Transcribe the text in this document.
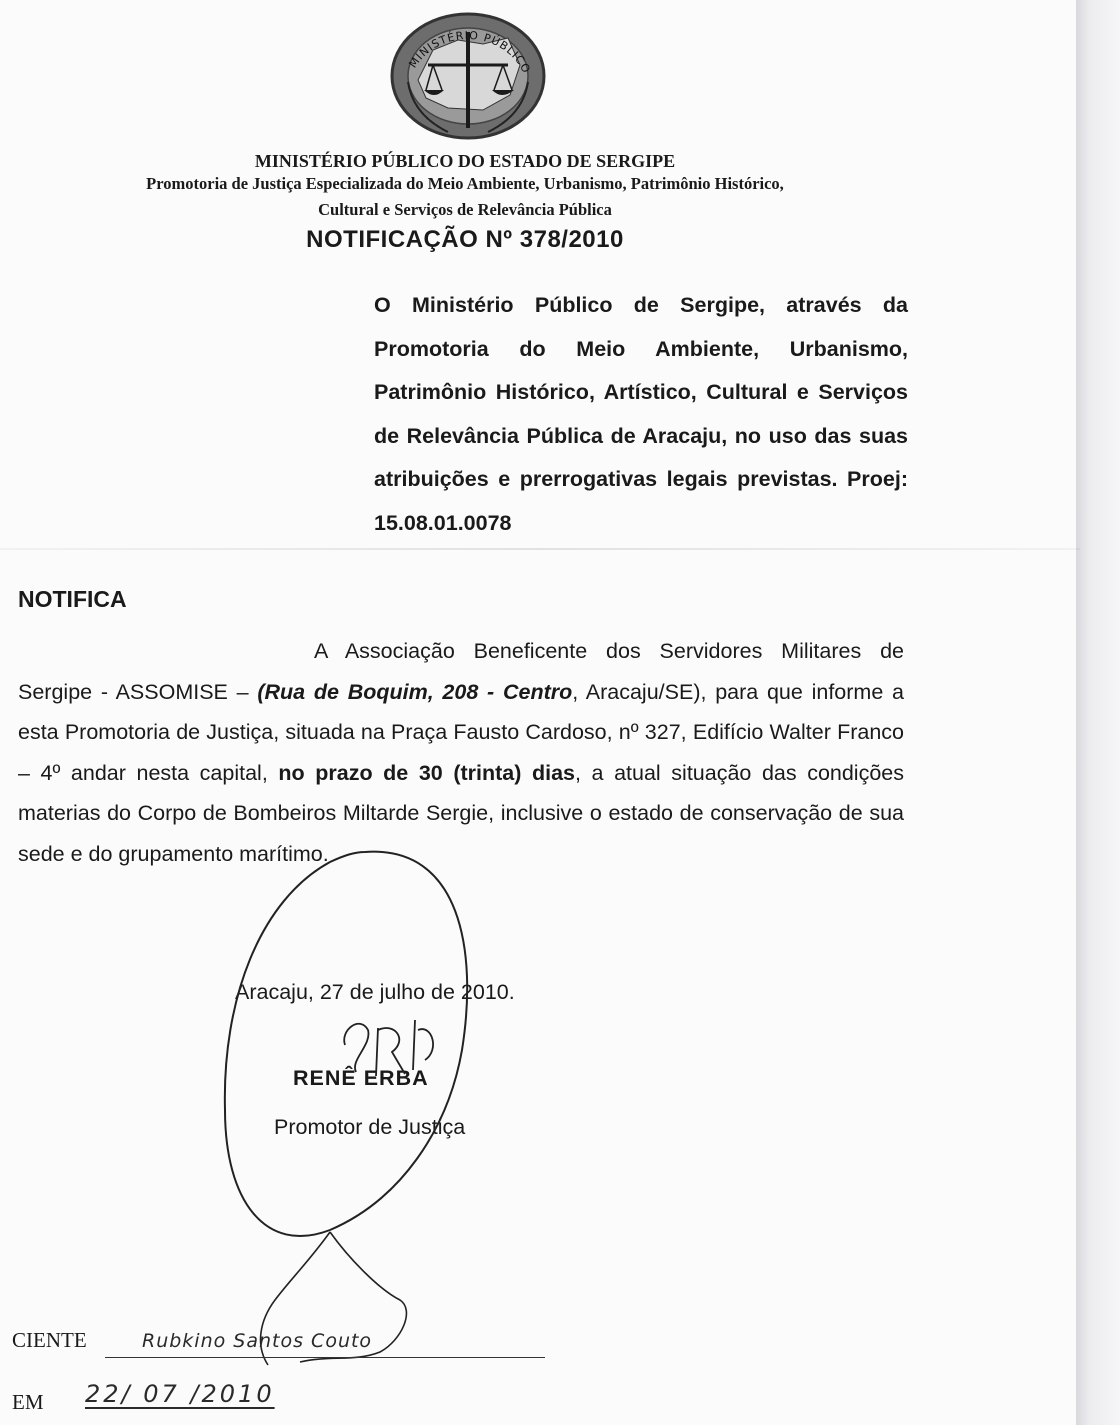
MINISTÉRIO PÚBLICO
MINISTÉRIO PÚBLICO DO ESTADO DE SERGIPE
Promotoria de Justiça Especializada do Meio Ambiente, Urbanismo, Patrimônio Histórico,
Cultural e Serviços de Relevância Pública
NOTIFICAÇÃO Nº 378/2010
O Ministério Público de Sergipe, através da Promotoria do Meio Ambiente, Urbanismo, Patrimônio Histórico, Artístico, Cultural e Serviços de Relevância Pública de Aracaju, no uso das suas atribuições e prerrogativas legais previstas. Proej: 15.08.01.0078
NOTIFICA
A Associação Beneficente dos Servidores Militares de Sergipe - ASSOMISE – (Rua de Boquim, 208 - Centro, Aracaju/SE), para que informe a esta Promotoria de Justiça, situada na Praça Fausto Cardoso, nº 327, Edifício Walter Franco – 4º andar nesta capital, no prazo de 30 (trinta) dias, a atual situação das condições materias do Corpo de Bombeiros Miltarde Sergie, inclusive o estado de conservação de sua sede e do grupamento marítimo.
Aracaju, 27 de julho de 2010.
RENÊ ERBA
Promotor de Justiça
CIENTE	Rubkino Santos Couto
EM 22/ 07 /2010
